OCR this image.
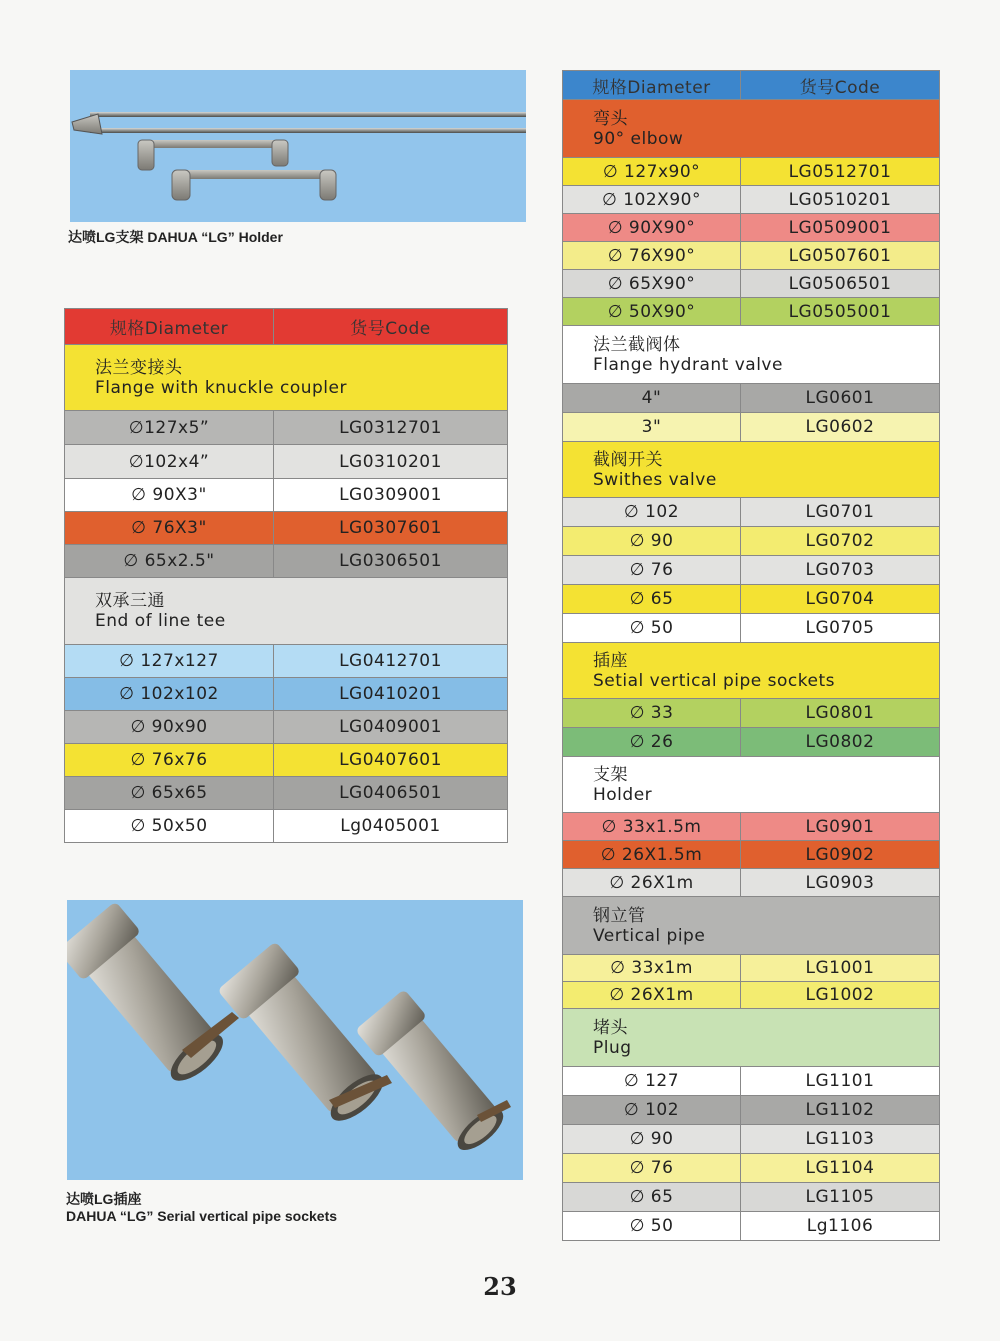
达喷LG支架 DAHUA “LG” Holder
达喷LG插座
DAHUA “LG” Serial vertical pipe sockets
规格Diameter	货号Code

法兰变接头
Flange with knuckle coupler	

∅127x5”	LG0312701
∅102x4”	LG0310201
∅ 90X3"	LG0309001
∅ 76X3"	LG0307601
∅ 65x2.5"	LG0306501

双承三通
End of line tee	

∅ 127x127	LG0412701
∅ 102x102	LG0410201
∅ 90x90	LG0409001
∅ 76x76	LG0407601
∅ 65x65	LG0406501
∅ 50x50	Lg0405001
规格Diameter	货号Code

弯头
90° elbow	

∅ 127x90°	LG0512701
∅ 102X90°	LG0510201
∅ 90X90°	LG0509001
∅ 76X90°	LG0507601
∅ 65X90°	LG0506501
∅ 50X90°	LG0505001

法兰截阀体
Flange hydrant valve	

4"	LG0601
3"	LG0602

截阀开关
Swithes valve	

∅ 102	LG0701
∅ 90	LG0702
∅ 76	LG0703
∅ 65	LG0704
∅ 50	LG0705

插座
Setial vertical pipe sockets	

∅ 33	LG0801
∅ 26	LG0802

支架
Holder	

∅ 33x1.5m	LG0901
∅ 26X1.5m	LG0902
∅ 26X1m	LG0903

钢立管
Vertical pipe	

∅ 33x1m	LG1001
∅ 26X1m	LG1002

堵头
Plug	

∅ 127	LG1101
∅ 102	LG1102
∅ 90	LG1103
∅ 76	LG1104
∅ 65	LG1105
∅ 50	Lg1106
23
